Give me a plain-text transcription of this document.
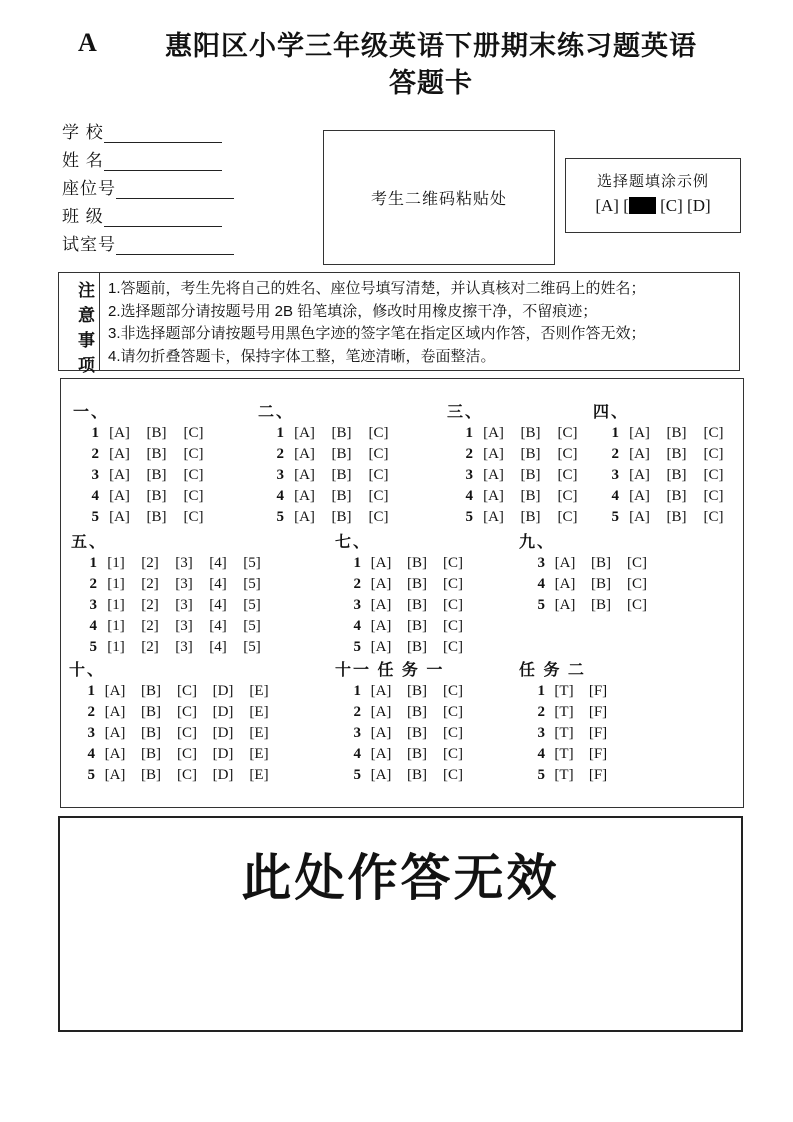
A	惠阳区小学三年级英语下册期末练习题英语
答题卡
学 校
姓 名
座位号
班 级
试室号
考生二维码粘贴处
选择题填涂示例
[A] [ [C] [D]
注
意
事
项
1.答题前，考生先将自己的姓名、座位号填写清楚，并认真核对二维码上的姓名；
2.选择题部分请按题号用 2B 铅笔填涂，修改时用橡皮擦干净，不留痕迹；
3.非选择题部分请按题号用黑色字迹的签字笔在指定区域内作答，否则作答无效；
4.请勿折叠答题卡，保持字体工整，笔迹清晰，卷面整洁。
一、
1 [A]	[B]	[C]
2 [A]	[B]	[C]
3 [A]	[B]	[C]
4 [A]	[B]	[C]
5 [A]	[B]	[C]
二、
1 [A]	[B]	[C]
2 [A]	[B]	[C]
3 [A]	[B]	[C]
4 [A]	[B]	[C]
5 [A]	[B]	[C]
三、
1 [A]	[B]	[C]
2 [A]	[B]	[C]
3 [A]	[B]	[C]
4 [A]	[B]	[C]
5 [A]	[B]	[C]
四、
1 [A]	[B]	[C]
2 [A]	[B]	[C]
3 [A]	[B]	[C]
4 [A]	[B]	[C]
5 [A]	[B]	[C]
五、
1 [1]	[2]	[3]	[4]	[5]
2 [1]	[2]	[3]	[4]	[5]
3 [1]	[2]	[3]	[4]	[5]
4 [1]	[2]	[3]	[4]	[5]
5 [1]	[2]	[3]	[4]	[5]
七、
1 [A]	[B]	[C]
2 [A]	[B]	[C]
3 [A]	[B]	[C]
4 [A]	[B]	[C]
5 [A]	[B]	[C]
九、
3 [A]	[B]	[C]
4 [A]	[B]	[C]
5 [A]	[B]	[C]
十、
1 [A]	[B]	[C]	[D]	[E]
2 [A]	[B]	[C]	[D]	[E]
3 [A]	[B]	[C]	[D]	[E]
4 [A]	[B]	[C]	[D]	[E]
5 [A]	[B]	[C]	[D]	[E]
十一 任 务 一
1 [A]	[B]	[C]
2 [A]	[B]	[C]
3 [A]	[B]	[C]
4 [A]	[B]	[C]
5 [A]	[B]	[C]
任 务 二
1 [T]	[F]
2 [T]	[F]
3 [T]	[F]
4 [T]	[F]
5 [T]	[F]
此处作答无效
